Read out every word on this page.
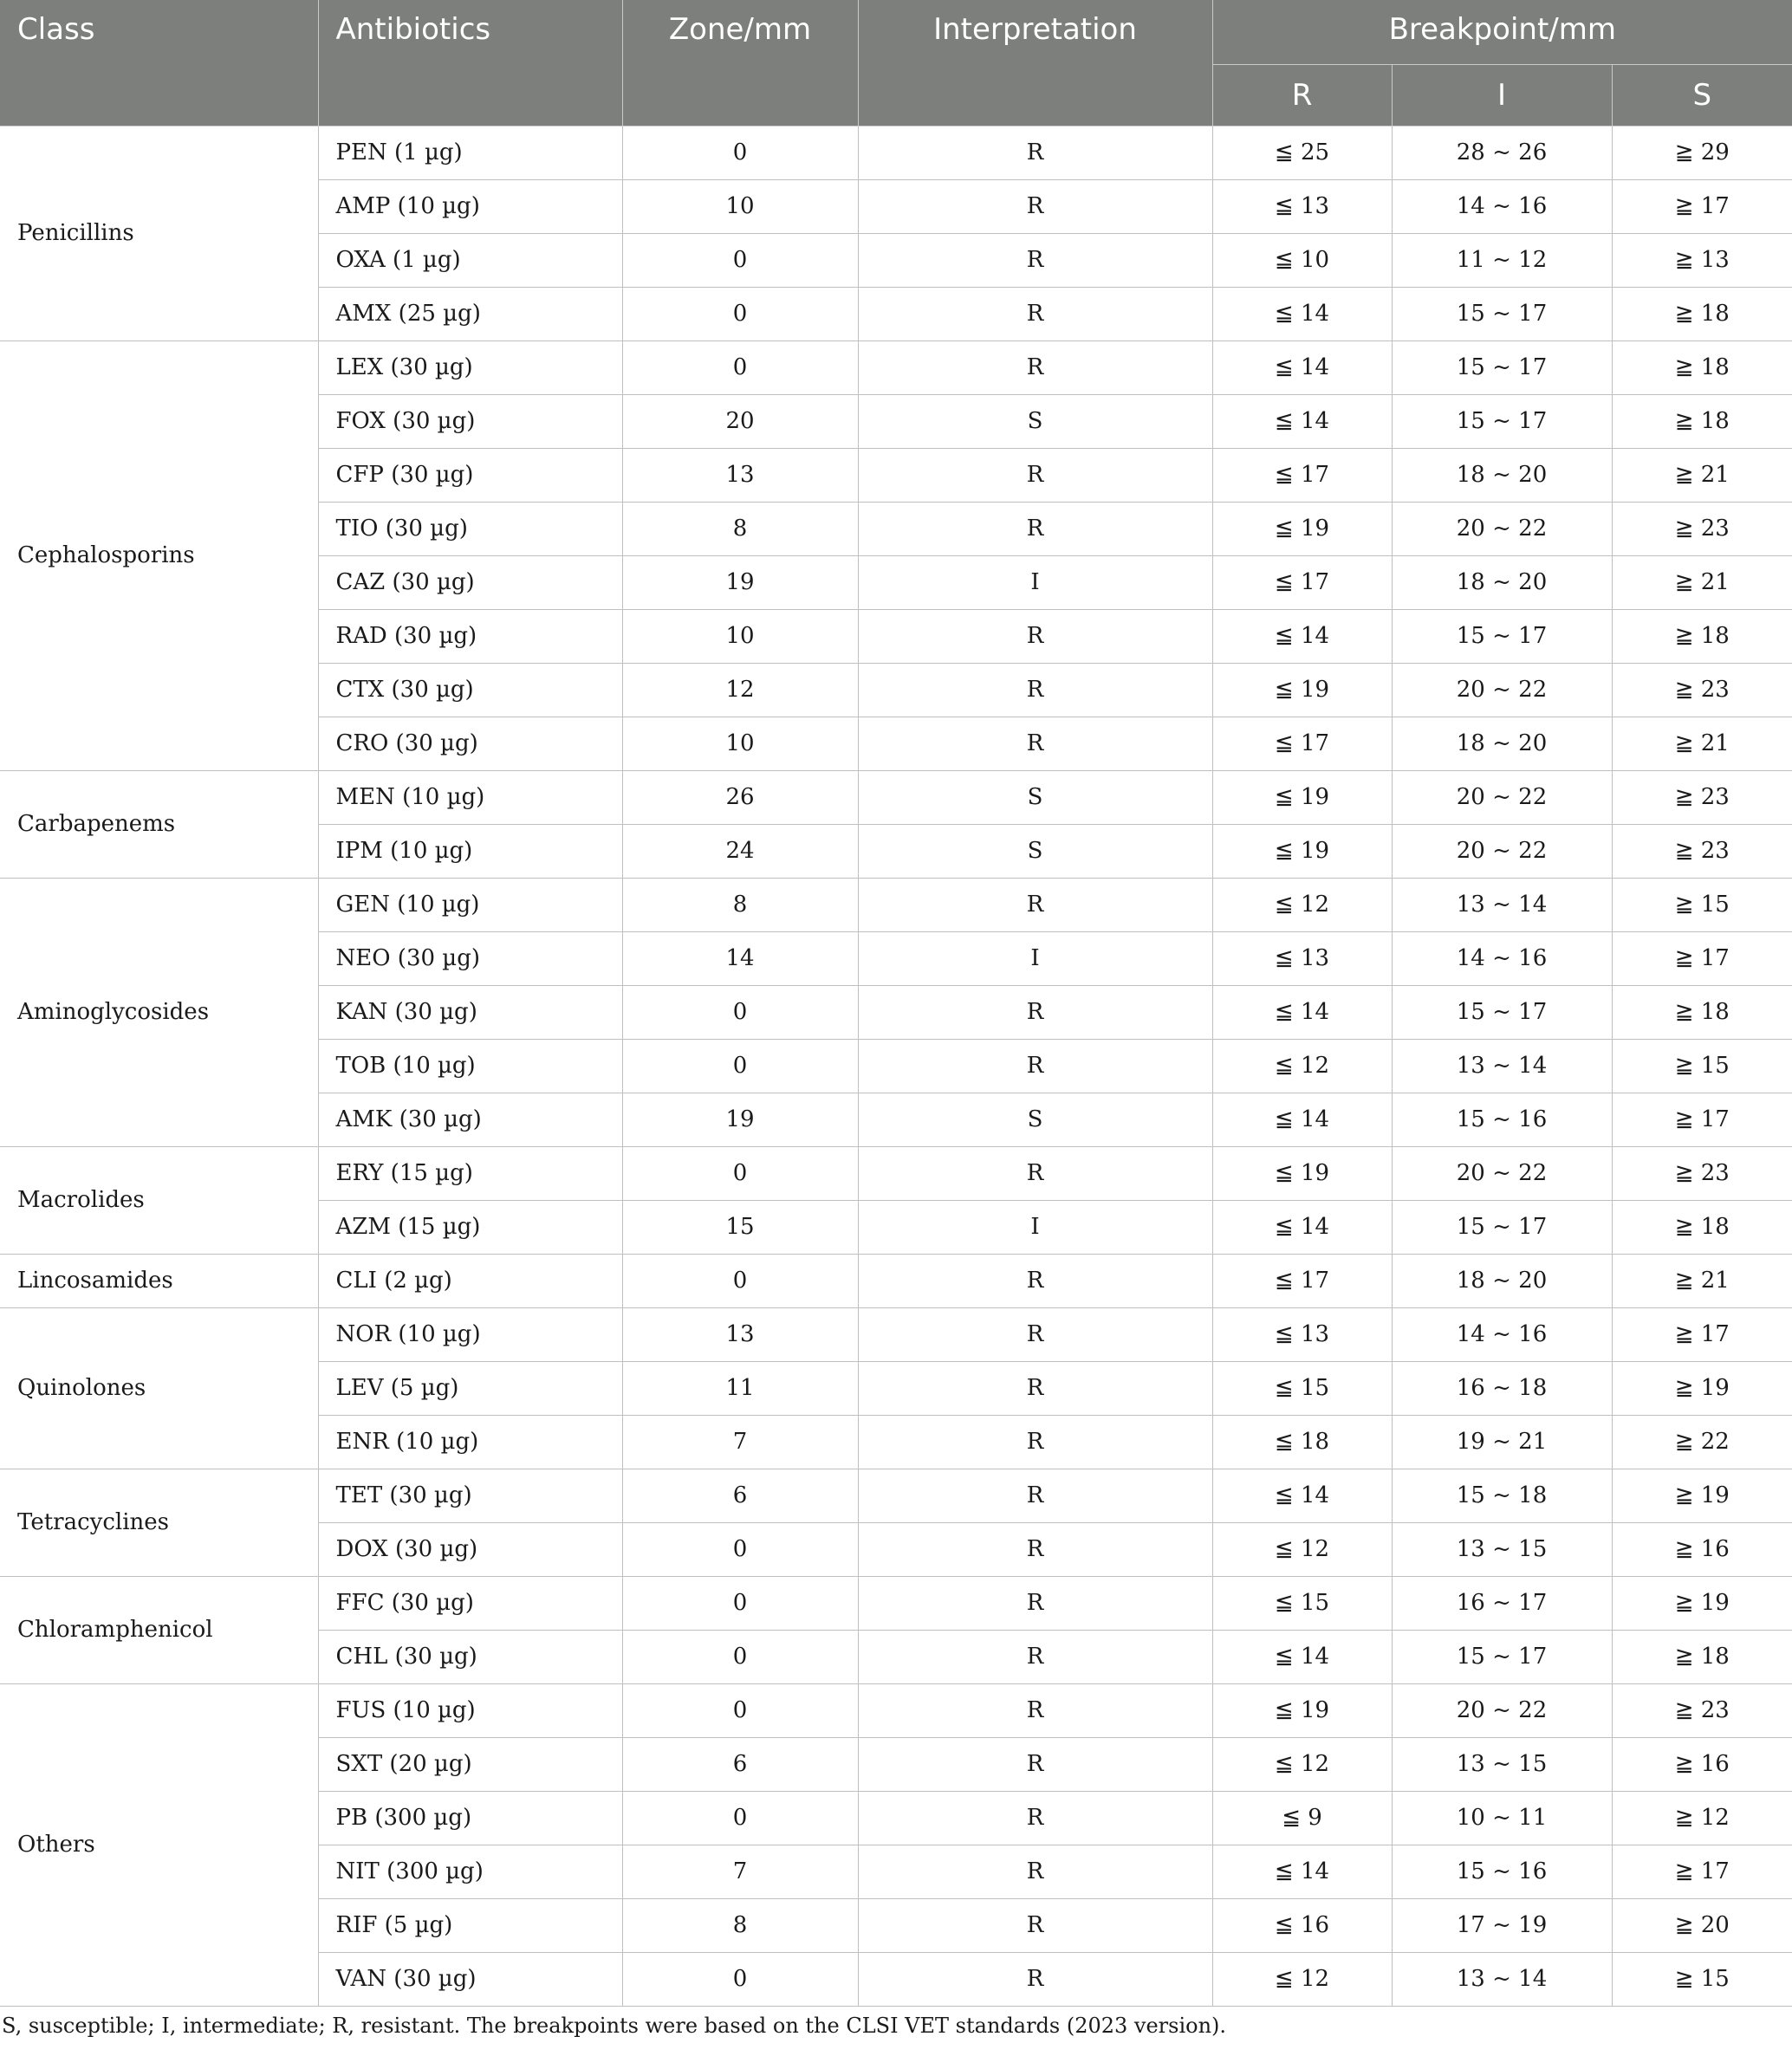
Class	Antibiotics	Zone/mm	Interpretation	Breakpoint/mm		
				R	I	S
Penicillins	PEN (1 µg)	0	R	≦ 25	28 ~ 26	≧ 29
	AMP (10 µg)	10	R	≦ 13	14 ~ 16	≧ 17
	OXA (1 µg)	0	R	≦ 10	11 ~ 12	≧ 13
	AMX (25 µg)	0	R	≦ 14	15 ~ 17	≧ 18
Cephalosporins	LEX (30 µg)	0	R	≦ 14	15 ~ 17	≧ 18
	FOX (30 µg)	20	S	≦ 14	15 ~ 17	≧ 18
	CFP (30 µg)	13	R	≦ 17	18 ~ 20	≧ 21
	TIO (30 µg)	8	R	≦ 19	20 ~ 22	≧ 23
	CAZ (30 µg)	19	I	≦ 17	18 ~ 20	≧ 21
	RAD (30 µg)	10	R	≦ 14	15 ~ 17	≧ 18
	CTX (30 µg)	12	R	≦ 19	20 ~ 22	≧ 23
	CRO (30 µg)	10	R	≦ 17	18 ~ 20	≧ 21
Carbapenems	MEN (10 µg)	26	S	≦ 19	20 ~ 22	≧ 23
	IPM (10 µg)	24	S	≦ 19	20 ~ 22	≧ 23
Aminoglycosides	GEN (10 µg)	8	R	≦ 12	13 ~ 14	≧ 15
	NEO (30 µg)	14	I	≦ 13	14 ~ 16	≧ 17
	KAN (30 µg)	0	R	≦ 14	15 ~ 17	≧ 18
	TOB (10 µg)	0	R	≦ 12	13 ~ 14	≧ 15
	AMK (30 µg)	19	S	≦ 14	15 ~ 16	≧ 17
Macrolides	ERY (15 µg)	0	R	≦ 19	20 ~ 22	≧ 23
	AZM (15 µg)	15	I	≦ 14	15 ~ 17	≧ 18
Lincosamides	CLI (2 µg)	0	R	≦ 17	18 ~ 20	≧ 21
Quinolones	NOR (10 µg)	13	R	≦ 13	14 ~ 16	≧ 17
	LEV (5 µg)	11	R	≦ 15	16 ~ 18	≧ 19
	ENR (10 µg)	7	R	≦ 18	19 ~ 21	≧ 22
Tetracyclines	TET (30 µg)	6	R	≦ 14	15 ~ 18	≧ 19
	DOX (30 µg)	0	R	≦ 12	13 ~ 15	≧ 16
Chloramphenicol	FFC (30 µg)	0	R	≦ 15	16 ~ 17	≧ 19
	CHL (30 µg)	0	R	≦ 14	15 ~ 17	≧ 18
Others	FUS (10 µg)	0	R	≦ 19	20 ~ 22	≧ 23
	SXT (20 µg)	6	R	≦ 12	13 ~ 15	≧ 16
	PB (300 µg)	0	R	≦ 9	10 ~ 11	≧ 12
	NIT (300 µg)	7	R	≦ 14	15 ~ 16	≧ 17
	RIF (5 µg)	8	R	≦ 16	17 ~ 19	≧ 20
	VAN (30 µg)	0	R	≦ 12	13 ~ 14	≧ 15

S, susceptible; I, intermediate; R, resistant. The breakpoints were based on the CLSI VET standards (2023 version).
